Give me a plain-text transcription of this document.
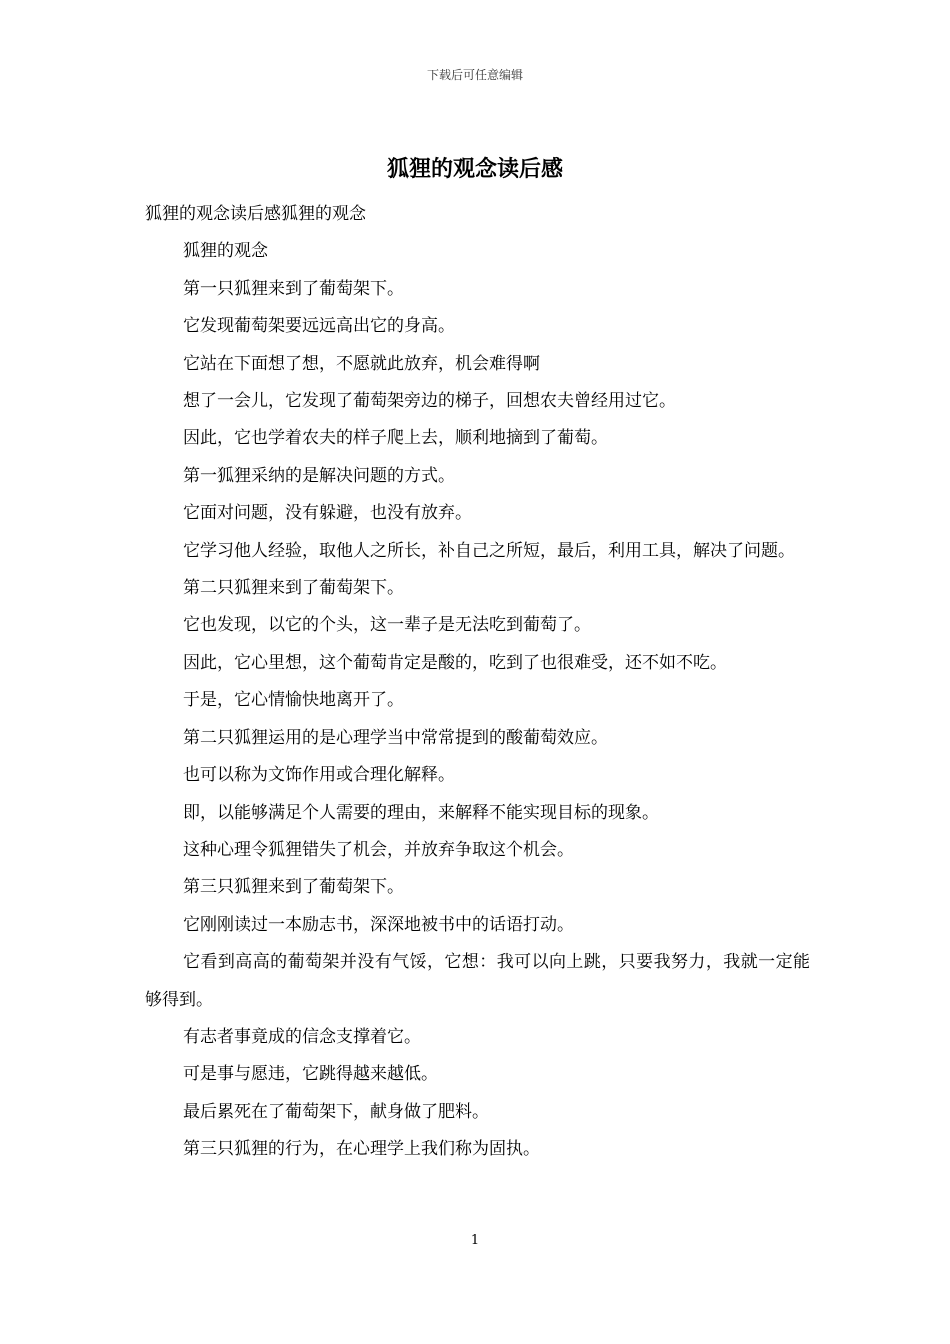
下载后可任意编辑
狐狸的观念读后感

狐狸的观念读后感狐狸的观念

狐狸的观念

第一只狐狸来到了葡萄架下。

它发现葡萄架要远远高出它的身高。

它站在下面想了想，不愿就此放弃，机会难得啊

想了一会儿，它发现了葡萄架旁边的梯子，回想农夫曾经用过它。

因此，它也学着农夫的样子爬上去，顺利地摘到了葡萄。

第一狐狸采纳的是解决问题的方式。

它面对问题，没有躲避，也没有放弃。

它学习他人经验，取他人之所长，补自己之所短，最后，利用工具，解决了问题。

第二只狐狸来到了葡萄架下。

它也发现，以它的个头，这一辈子是无法吃到葡萄了。

因此，它心里想，这个葡萄肯定是酸的，吃到了也很难受，还不如不吃。

于是，它心情愉快地离开了。

第二只狐狸运用的是心理学当中常常提到的酸葡萄效应。

也可以称为文饰作用或合理化解释。

即，以能够满足个人需要的理由，来解释不能实现目标的现象。

这种心理令狐狸错失了机会，并放弃争取这个机会。

第三只狐狸来到了葡萄架下。

它刚刚读过一本励志书，深深地被书中的话语打动。

它看到高高的葡萄架并没有气馁，它想：我可以向上跳，只要我努力，我就一定能够得到。

有志者事竟成的信念支撑着它。

可是事与愿违，它跳得越来越低。

最后累死在了葡萄架下，献身做了肥料。

第三只狐狸的行为，在心理学上我们称为固执。

1
